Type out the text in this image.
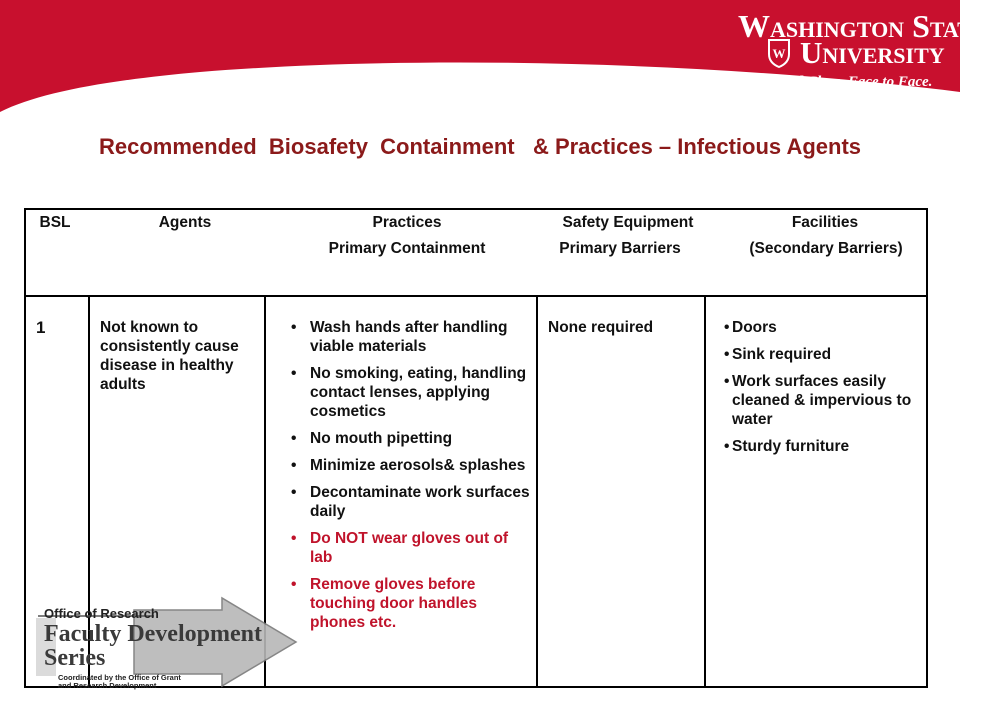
Washington State
W University
World Class. Face to Face.
Recommended  Biosafety  Containment   & Practices – Infectious Agents
BSL	Agents	Practices
Primary Containment
Safety Equipment
Primary Barriers
Facilities
(Secondary Barriers)
1	Not known to consistently cause disease in healthy adults
• Wash hands after handling viable materials
• No smoking, eating, handling contact lenses, applying cosmetics
• No mouth pipetting
• Minimize aerosols& splashes
• Decontaminate work surfaces daily
• Do NOT wear gloves out of lab
• Remove gloves before touching door handles phones etc.
None required
•	Doors
• Sink required
• Work surfaces easily cleaned & impervious to water
• Sturdy furniture
Office of Research
Faculty Development
Series
Coordinated by the Office of Grant
and Research Development
